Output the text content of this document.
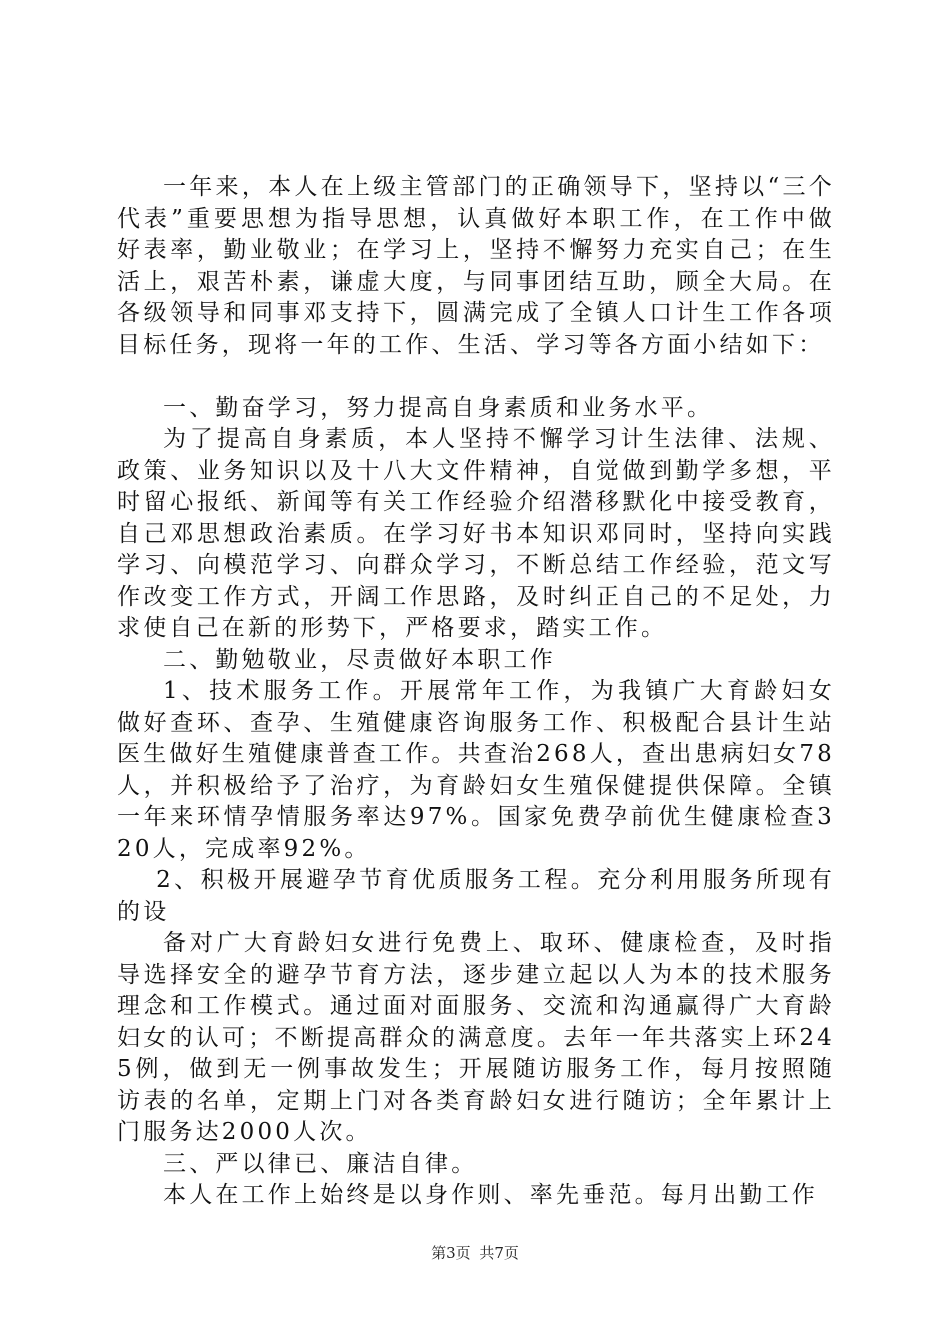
一年来，本人在上级主管部门的正确领导下，坚持以“三个代表”重要思想为指导思想，认真做好本职工作，在工作中做好表率，勤业敬业；在学习上，坚持不懈努力充实自己；在生活上，艰苦朴素，谦虚大度，与同事团结互助，顾全大局。在各级领导和同事邓支持下，圆满完成了全镇人口计生工作各项目标任务，现将一年的工作、生活、学习等各方面小结如下：

一、勤奋学习，努力提高自身素质和业务水平。

为了提高自身素质，本人坚持不懈学习计生法律、法规、政策、业务知识以及十八大文件精神，自觉做到勤学多想，平时留心报纸、新闻等有关工作经验介绍潜移默化中接受教育，自己邓思想政治素质。在学习好书本知识邓同时，坚持向实践学习、向模范学习、向群众学习，不断总结工作经验，范文写作改变工作方式，开阔工作思路，及时纠正自己的不足处，力求使自己在新的形势下，严格要求，踏实工作。

二、勤勉敬业，尽责做好本职工作

1、技术服务工作。开展常年工作，为我镇广大育龄妇女做好查环、查孕、生殖健康咨询服务工作、积极配合县计生站医生做好生殖健康普查工作。共查治268人，查出患病妇女78人，并积极给予了治疗，为育龄妇女生殖保健提供保障。全镇一年来环情孕情服务率达97%。国家免费孕前优生健康检查320人，完成率92%。

2、积极开展避孕节育优质服务工程。充分利用服务所现有的设

备对广大育龄妇女进行免费上、取环、健康检查，及时指导选择安全的避孕节育方法，逐步建立起以人为本的技术服务理念和工作模式。通过面对面服务、交流和沟通赢得广大育龄妇女的认可；不断提高群众的满意度。去年一年共落实上环245例，做到无一例事故发生；开展随访服务工作，每月按照随访表的名单，定期上门对各类育龄妇女进行随访；全年累计上门服务达2000人次。

三、严以律已、廉洁自律。

本人在工作上始终是以身作则、率先垂范。每月出勤工作

第3页 共7页
